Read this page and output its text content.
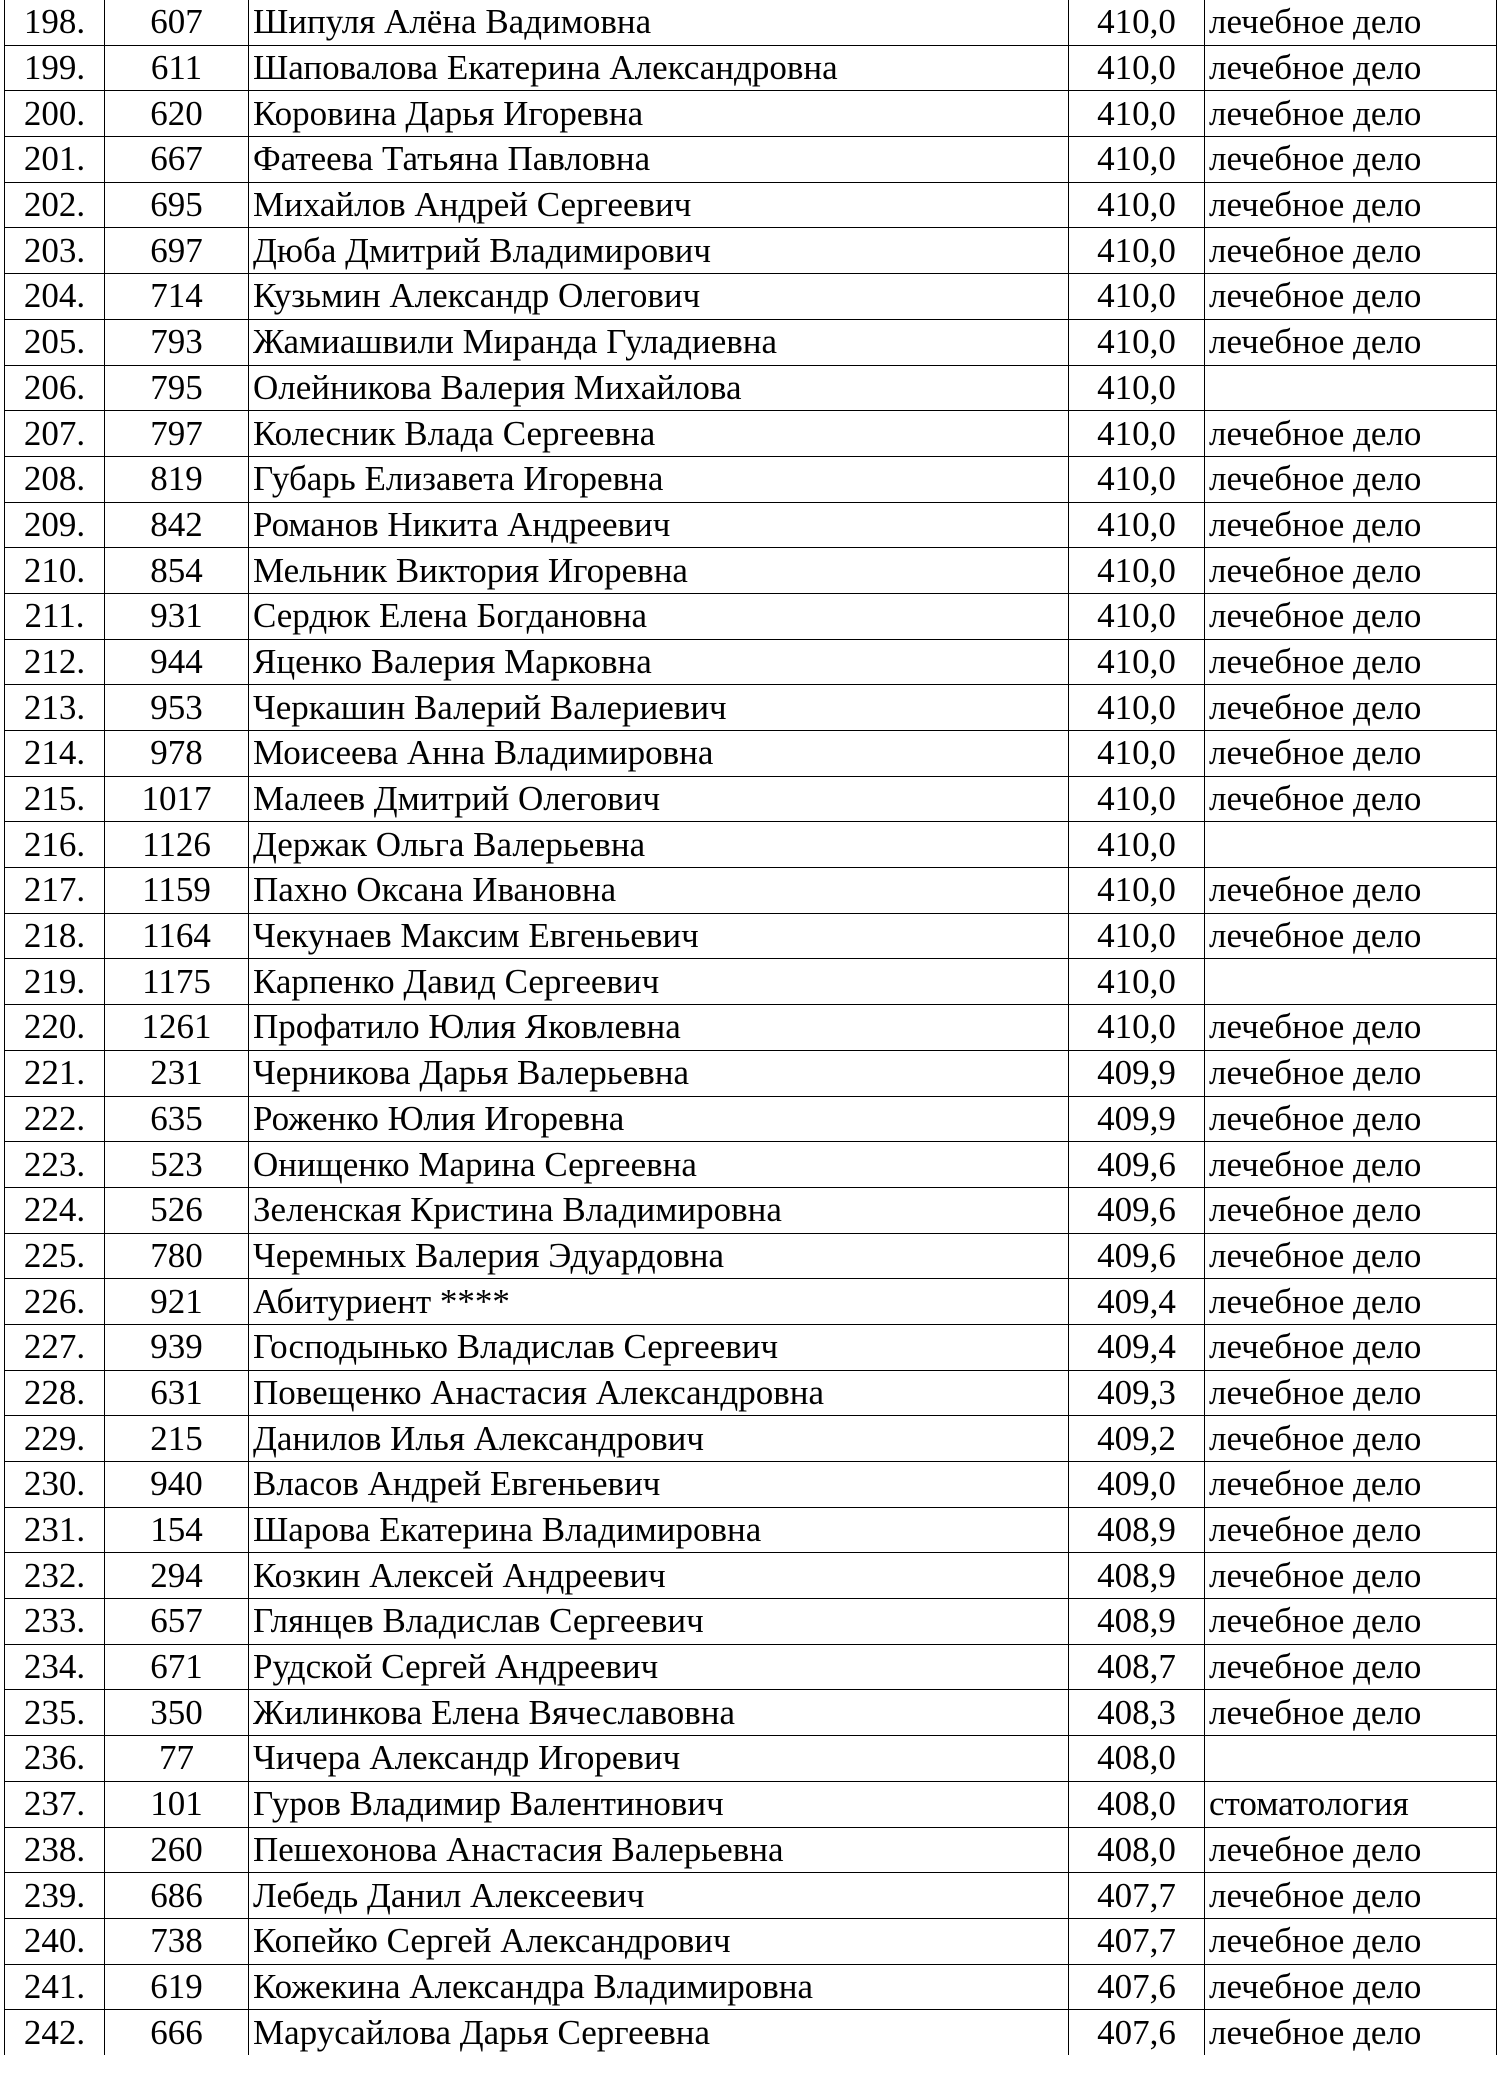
198.	607	Шипуля Алёна Вадимовна	410,0	лечебное дело
199.	611	Шаповалова Екатерина Александровна	410,0	лечебное дело
200.	620	Коровина Дарья Игоревна	410,0	лечебное дело
201.	667	Фатеева Татьяна Павловна	410,0	лечебное дело
202.	695	Михайлов Андрей Сергеевич	410,0	лечебное дело
203.	697	Дюба Дмитрий Владимирович	410,0	лечебное дело
204.	714	Кузьмин Александр Олегович	410,0	лечебное дело
205.	793	Жамиашвили Миранда Гуладиевна	410,0	лечебное дело
206.	795	Олейникова Валерия Михайлова	410,0	
207.	797	Колесник Влада Сергеевна	410,0	лечебное дело
208.	819	Губарь Елизавета Игоревна	410,0	лечебное дело
209.	842	Романов Никита Андреевич	410,0	лечебное дело
210.	854	Мельник Виктория Игоревна	410,0	лечебное дело
211.	931	Сердюк Елена Богдановна	410,0	лечебное дело
212.	944	Яценко Валерия Марковна	410,0	лечебное дело
213.	953	Черкашин Валерий Валериевич	410,0	лечебное дело
214.	978	Моисеева Анна Владимировна	410,0	лечебное дело
215.	1017	Малеев Дмитрий Олегович	410,0	лечебное дело
216.	1126	Держак Ольга Валерьевна	410,0	
217.	1159	Пахно Оксана Ивановна	410,0	лечебное дело
218.	1164	Чекунаев Максим Евгеньевич	410,0	лечебное дело
219.	1175	Карпенко Давид Сергеевич	410,0	
220.	1261	Профатило Юлия Яковлевна	410,0	лечебное дело
221.	231	Черникова Дарья Валерьевна	409,9	лечебное дело
222.	635	Роженко Юлия Игоревна	409,9	лечебное дело
223.	523	Онищенко Марина Сергеевна	409,6	лечебное дело
224.	526	Зеленская Кристина Владимировна	409,6	лечебное дело
225.	780	Черемных Валерия Эдуардовна	409,6	лечебное дело
226.	921	Абитуриент ****	409,4	лечебное дело
227.	939	Господынько Владислав Сергеевич	409,4	лечебное дело
228.	631	Повещенко Анастасия Александровна	409,3	лечебное дело
229.	215	Данилов Илья Александрович	409,2	лечебное дело
230.	940	Власов Андрей Евгеньевич	409,0	лечебное дело
231.	154	Шарова Екатерина Владимировна	408,9	лечебное дело
232.	294	Козкин Алексей Андреевич	408,9	лечебное дело
233.	657	Глянцев Владислав Сергеевич	408,9	лечебное дело
234.	671	Рудской Сергей Андреевич	408,7	лечебное дело
235.	350	Жилинкова Елена Вячеславовна	408,3	лечебное дело
236.	77	Чичера Александр Игоревич	408,0	
237.	101	Гуров Владимир Валентинович	408,0	стоматология
238.	260	Пешехонова Анастасия Валерьевна	408,0	лечебное дело
239.	686	Лебедь Данил Алексеевич	407,7	лечебное дело
240.	738	Копейко Сергей Александрович	407,7	лечебное дело
241.	619	Кожекина Александра Владимировна	407,6	лечебное дело
242.	666	Марусайлова Дарья Сергеевна	407,6	лечебное дело
